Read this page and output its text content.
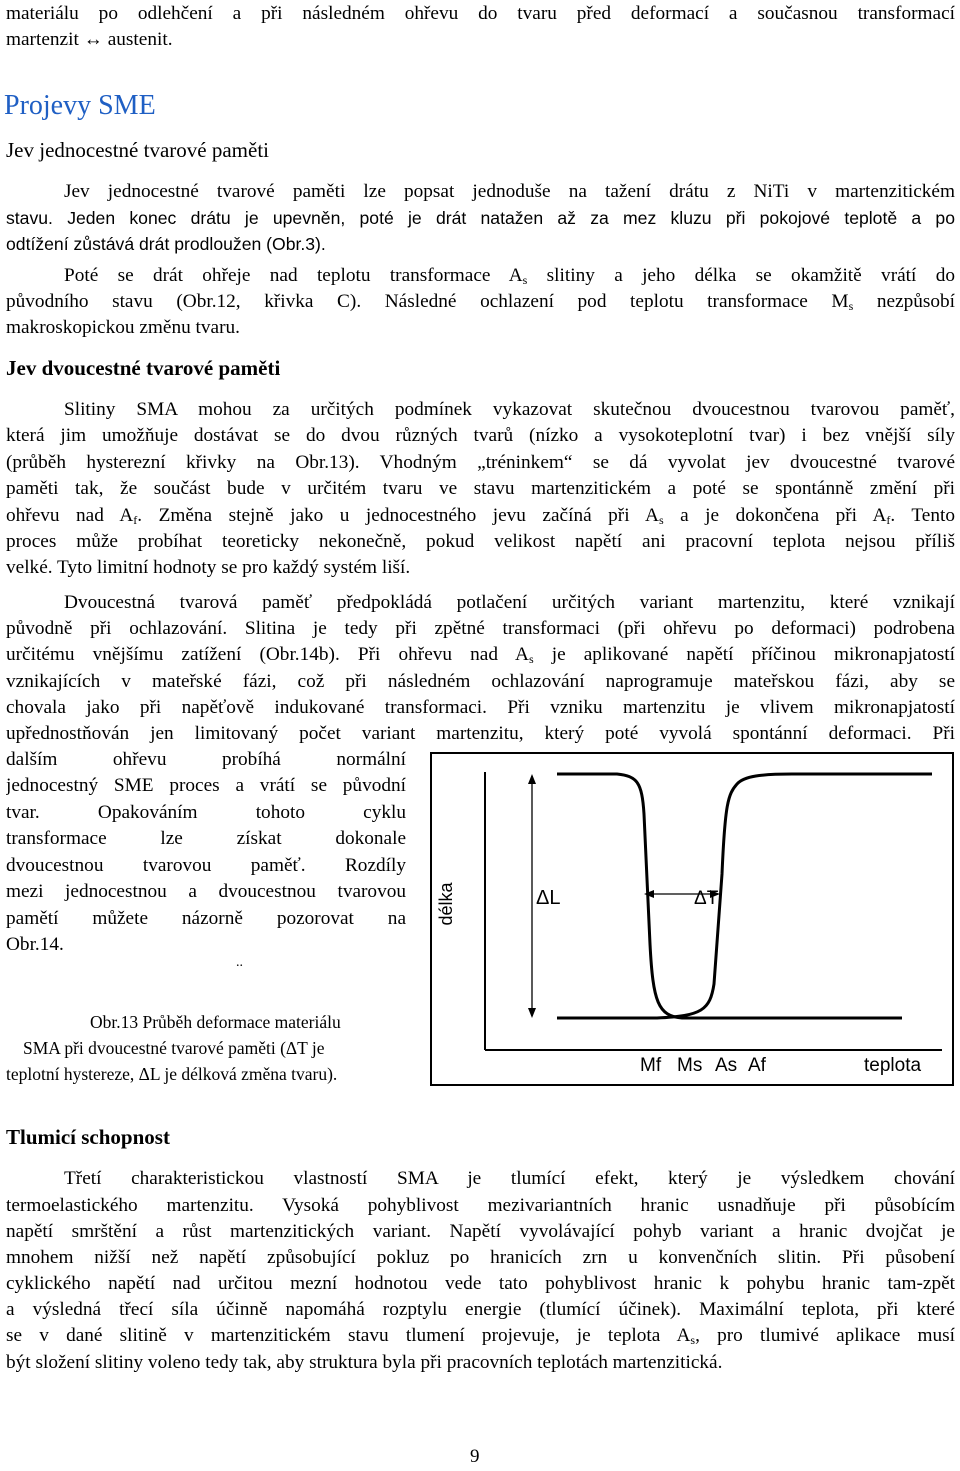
materiálu po odlehčení a při následném ohřevu do tvaru před deformací a současnou transformací
martenzit ↔ austenit.
Projevy SME
Jev jednocestné tvarové paměti
Jev jednocestné tvarové paměti lze popsat jednoduše na tažení drátu z NiTi v martenzitickém
stavu. Jeden konec drátu je upevněn, poté je drát natažen až za mez kluzu při pokojové teplotě a po
odtížení zůstává drát prodloužen (Obr.3).
Poté se drát ohřeje nad teplotu transformace $A_s$ slitiny a jeho délka se okamžitě vrátí do
původního stavu (Obr.12, křivka C). Následné ochlazení pod teplotu transformace $M_s$ nezpůsobí
makroskopickou změnu tvaru.
Jev dvoucestné tvarové paměti
Slitiny SMA mohou za určitých podmínek vykazovat skutečnou dvoucestnou tvarovou paměť,
která jim umožňuje dostávat se do dvou různých tvarů (nízko a vysokoteplotní tvar) i bez vnější síly
(průběh hysterezní křivky na Obr.13). Vhodným „tréninkem“ se dá vyvolat jev dvoucestné tvarové
paměti tak, že součást bude v určitém tvaru ve stavu martenzitickém a poté se spontánně změní při
ohřevu nad $A_f$. Změna stejně jako u jednocestného jevu začíná při $A_s$ a je dokončena při $A_f$. Tento
proces může probíhat teoreticky nekonečně, pokud velikost napětí ani pracovní teplota nejsou příliš
velké. Tyto limitní hodnoty se pro každý systém liší.
Dvoucestná tvarová paměť předpokládá potlačení určitých variant martenzitu, které vznikají
původně při ochlazování. Slitina je tedy při zpětné transformaci (při ohřevu po deformaci) podrobena
určitému vnějšímu zatížení (Obr.14b). Při ohřevu nad $A_s$ je aplikované napětí příčinou mikronapjatostí
vznikajících v mateřské fázi, což při následném ochlazování naprogramuje mateřskou fázi, aby se
chovala jako při napěťově indukované transformaci. Při vzniku martenzitu je vlivem mikronapjatostí
upřednostňován jen limitovaný počet variant martenzitu, který poté vyvolá spontánní deformaci. Při
dalším ohřevu probíhá normální
jednocestný SME proces a vrátí se původní
tvar. Opakováním tohoto cyklu
transformace lze získat dokonale
dvoucestnou tvarovou paměť. Rozdíly
mezi jednocestnou a dvoucestnou tvarovou
pamětí můžete názorně pozorovat na
Obr.14.
..
Obr.13 Průběh deformace materiálu
SMA při dvoucestné tvarové paměti (ΔT je
teplotní hystereze, ΔL je délková změna tvaru).
délka	ΔL	ΔT
Mf Ms As Af	teplota
Tlumicí schopnost
Třetí charakteristickou vlastností SMA je tlumící efekt, který je výsledkem chování
termoelastického martenzitu. Vysoká pohyblivost mezivariantních hranic usnadňuje při působícím
napětí smrštění a růst martenzitických variant. Napětí vyvolávající pohyb variant a hranic dvojčat je
mnohem nižší než napětí způsobující pokluz po hranicích zrn u konvenčních slitin. Při působení
cyklického napětí nad určitou mezní hodnotou vede tato pohyblivost hranic k pohybu hranic tam-zpět
a výsledná třecí síla účinně napomáhá rozptylu energie (tlumící účinek). Maximální teplota, při které
se v dané slitině v martenzitickém stavu tlumení projevuje, je teplota $A_s$, pro tlumivé aplikace musí
být složení slitiny voleno tedy tak, aby struktura byla při pracovních teplotách martenzitická.
9
